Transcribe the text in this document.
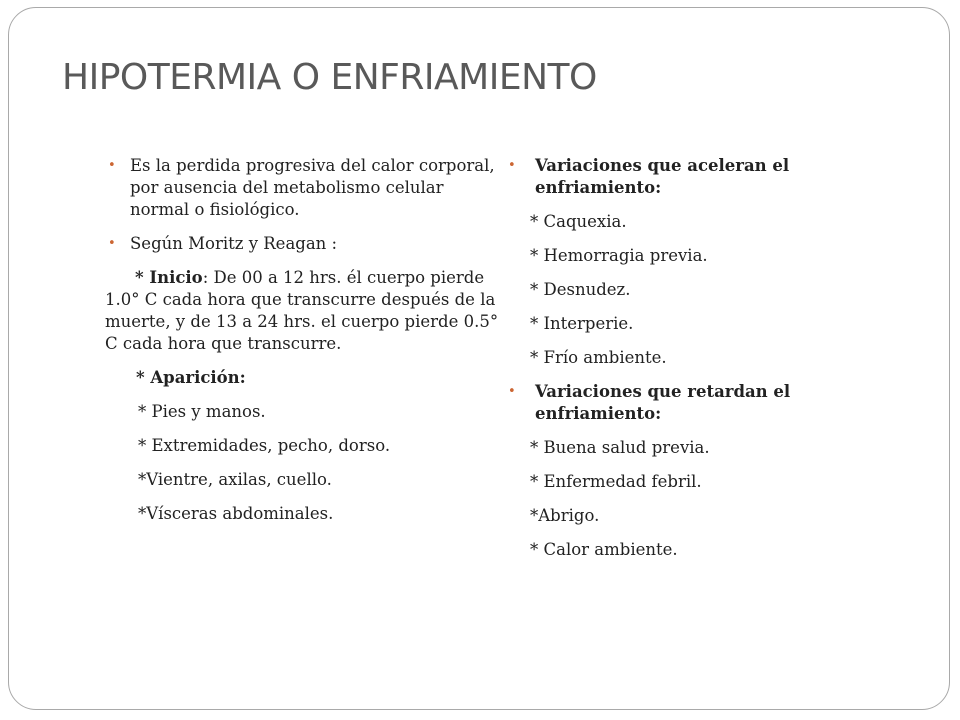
HIPOTERMIA O ENFRIAMIENTO
• Es la perdida progresiva del calor corporal, por ausencia del metabolismo celular normal o fisiológico.
• Según Moritz y Reagan :
* Inicio: De 00 a 12 hrs. él cuerpo pierde 1.0° C cada hora que transcurre después de la muerte, y de 13 a 24 hrs. el cuerpo pierde 0.5° C cada hora que transcurre.
* Aparición:
* Pies y manos.
* Extremidades, pecho, dorso.
*Vientre, axilas, cuello.
*Vísceras abdominales.
• Variaciones que aceleran el enfriamiento:
* Caquexia.
* Hemorragia previa.
* Desnudez.
* Interperie.
* Frío ambiente.
• Variaciones que retardan el enfriamiento:
* Buena salud previa.
* Enfermedad febril.
*Abrigo.
* Calor ambiente.
